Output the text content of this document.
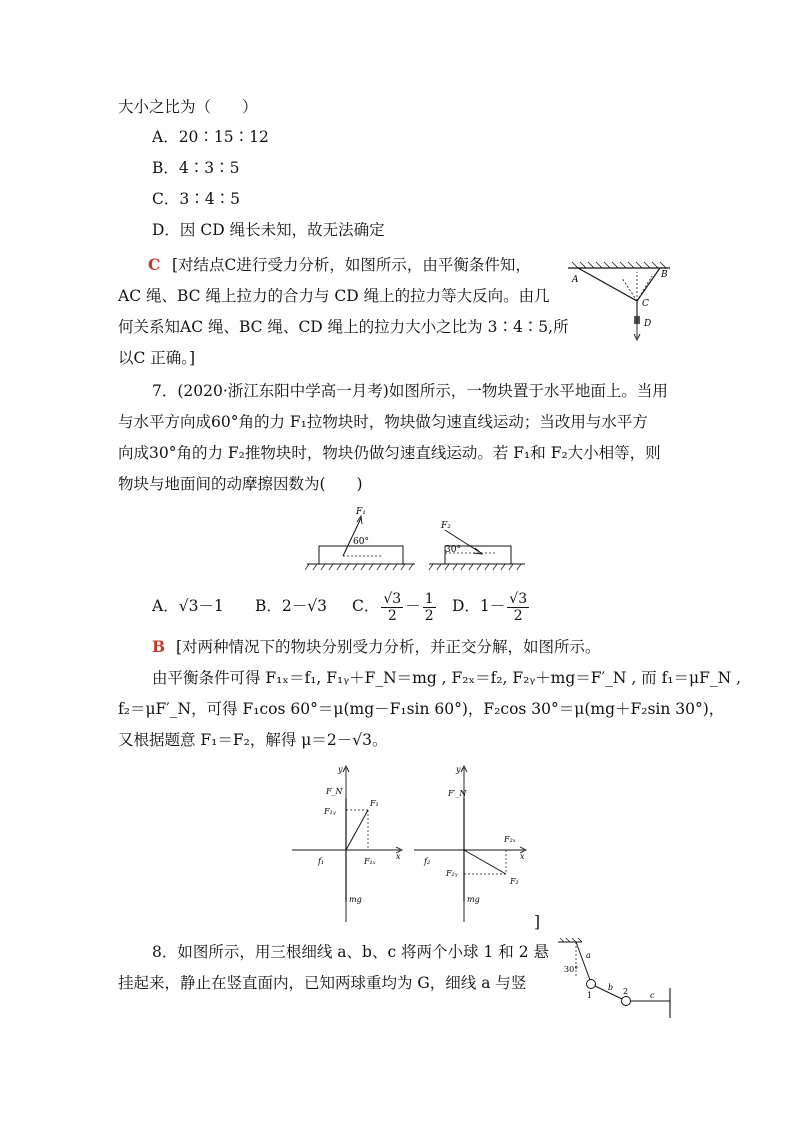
大小之比为（　　）
A．20∶15∶12
B．4∶3∶5
C．3∶4∶5
D．因 CD 绳长未知，故无法确定
C [对结点C进行受力分析，如图所示，由平衡条件知，
AC 绳、BC 绳上拉力的合力与 CD 绳上的拉力等大反向。由几
何关系知AC 绳、BC 绳、CD 绳上的拉力大小之比为 3∶4∶5,所
以C 正确。]
A	B
C
D
7．(2020·浙江东阳中学高一月考)如图所示，一物块置于水平地面上。当用
与水平方向成60°角的力 F₁拉物块时，物块做匀速直线运动；当改用与水平方
向成30°角的力 F₂推物块时，物块仍做匀速直线运动。若 F₁和 F₂大小相等，则
物块与地面间的动摩擦因数为(　　)
F₁
60°
F₂
30°
A．√3－1 B．2－√3 C． $\frac{√3}{2} - \frac{1}{2}$ D．$1- \frac{√3}{2}$
B [对两种情况下的物块分别受力分析，并正交分解，如图所示。
由平衡条件可得 F₁ₓ＝f₁, F₁ᵧ＋F_N＝mg , F₂ₓ＝f₂, F₂ᵧ＋mg＝F′_N , 而 f₁＝μF_N ,
f₂＝μF′_N，可得 F₁cos 60°＝μ(mg－F₁sin 60°)，F₂cos 30°＝μ(mg＋F₂sin 30°)，
又根据题意 F₁＝F₂，解得 μ＝2－√3。
y
x
F_N
F₁
F₁ᵧ
f₁	F₁ₓ
mg
y
x
F′_N
F₂ₓ
f₂
F₂ᵧ
F₂
mg
]
8．如图所示，用三根细线 a、b、c 将两个小球 1 和 2 悬
挂起来，静止在竖直面内，已知两球重均为 G，细线 a 与竖
a
30°
b
c
1	2
